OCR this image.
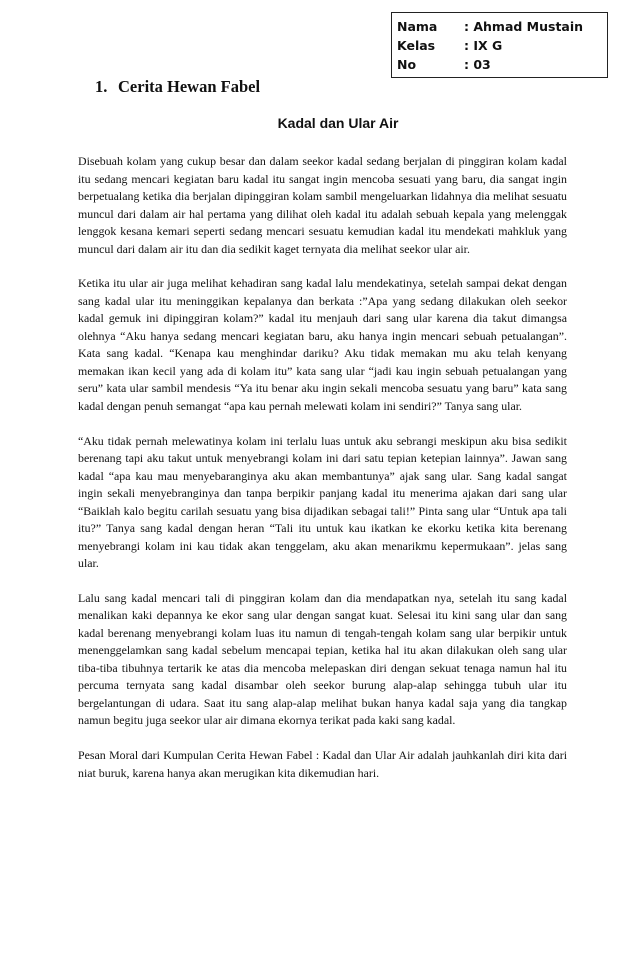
Nama	: Ahmad Mustain
Kelas	: IX G
No	: 03
1. Cerita Hewan Fabel
Kadal dan Ular Air

Disebuah kolam yang cukup besar dan dalam seekor kadal sedang berjalan di pinggiran kolam kadal itu sedang mencari kegiatan baru kadal itu sangat ingin mencoba sesuati yang baru, dia sangat ingin berpetualang ketika dia berjalan dipinggiran kolam sambil mengeluarkan lidahnya dia melihat sesuatu muncul dari dalam air hal pertama yang dilihat oleh kadal itu adalah sebuah kepala yang melenggak lenggok kesana kemari seperti sedang mencari sesuatu kemudian kadal itu mendekati mahkluk yang muncul dari dalam air itu dan dia sedikit kaget ternyata dia melihat seekor ular air.

Ketika itu ular air juga melihat kehadiran sang kadal lalu mendekatinya, setelah sampai dekat dengan sang kadal ular itu meninggikan kepalanya dan berkata :”Apa yang sedang dilakukan oleh seekor kadal gemuk ini dipinggiran kolam?” kadal itu menjauh dari sang ular karena dia takut dimangsa olehnya “Aku hanya sedang mencari kegiatan baru, aku hanya ingin mencari sebuah petualangan”. Kata sang kadal. “Kenapa kau menghindar dariku? Aku tidak memakan mu aku telah kenyang memakan ikan kecil yang ada di kolam itu” kata sang ular “jadi kau ingin sebuah petualangan yang seru” kata ular sambil mendesis “Ya itu benar aku ingin sekali mencoba sesuatu yang baru” kata sang kadal dengan penuh semangat “apa kau pernah melewati kolam ini sendiri?” Tanya sang ular.

“Aku tidak pernah melewatinya kolam ini terlalu luas untuk aku sebrangi meskipun aku bisa sedikit berenang tapi aku takut untuk menyebrangi kolam ini dari satu tepian ketepian lainnya”. Jawan sang kadal “apa kau mau menyebaranginya aku akan membantunya” ajak sang ular. Sang kadal sangat ingin sekali menyebranginya dan tanpa berpikir panjang kadal itu menerima ajakan dari sang ular “Baiklah kalo begitu carilah sesuatu yang bisa dijadikan sebagai tali!” Pinta sang ular “Untuk apa tali itu?” Tanya sang kadal dengan heran “Tali itu untuk kau ikatkan ke ekorku ketika kita berenang menyebrangi kolam ini kau tidak akan tenggelam, aku akan menarikmu kepermukaan”. jelas sang ular.

Lalu sang kadal mencari tali di pinggiran kolam dan dia mendapatkan nya, setelah itu sang kadal menalikan kaki depannya ke ekor sang ular dengan sangat kuat. Selesai itu kini sang ular dan sang kadal berenang menyebrangi kolam luas itu namun di tengah-tengah kolam sang ular berpikir untuk menenggelamkan sang kadal sebelum mencapai tepian, ketika hal itu akan dilakukan oleh sang ular tiba-tiba tibuhnya tertarik ke atas dia mencoba melepaskan diri dengan sekuat tenaga namun hal itu percuma ternyata sang kadal disambar oleh seekor burung alap-alap sehingga tubuh ular itu bergelantungan di udara. Saat itu sang alap-alap melihat bukan hanya kadal saja yang dia tangkap namun begitu juga seekor ular air dimana ekornya terikat pada kaki sang kadal.

Pesan Moral dari Kumpulan Cerita Hewan Fabel : Kadal dan Ular Air adalah jauhkanlah diri kita dari niat buruk, karena hanya akan merugikan kita dikemudian hari.
